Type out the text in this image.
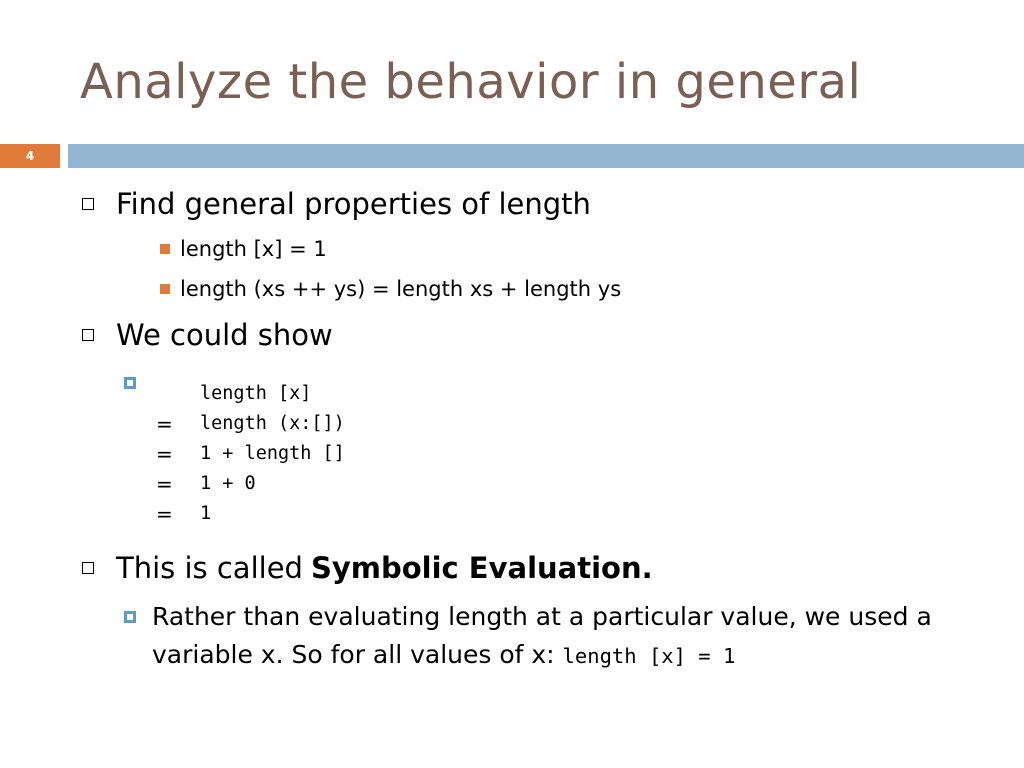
Analyze the behavior in general
4
Find general properties of length
length [x] = 1
length (xs ++ ys) = length xs + length ys
We could show
length [x]
= length (x:[])
= 1 + length []
= 1 + 0
= 1
This is called Symbolic Evaluation.
Rather than evaluating length at a particular value, we used a variable x. So for all values of x: length [x] = 1
